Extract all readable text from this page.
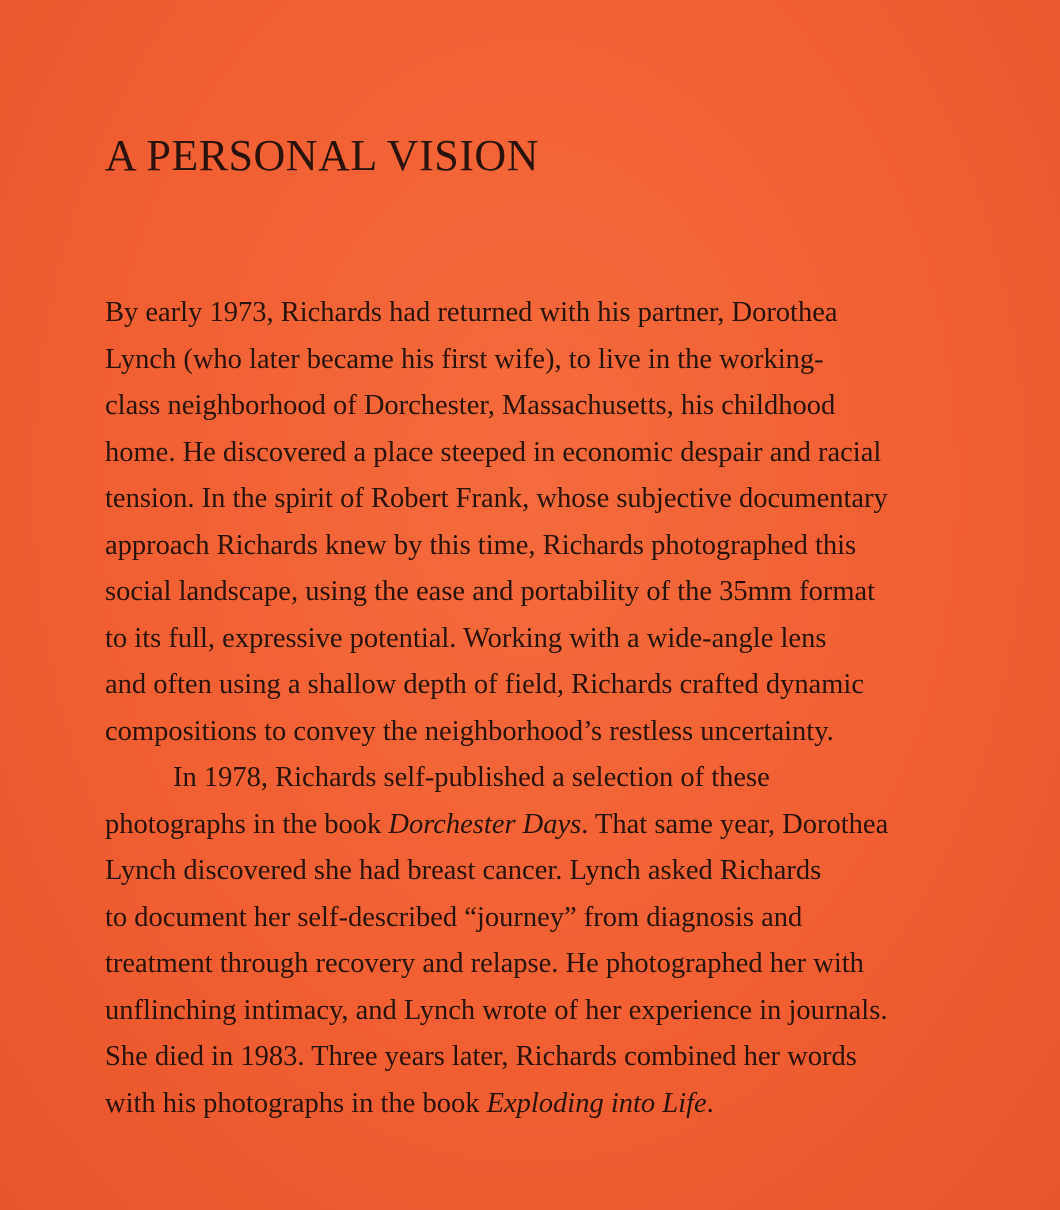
A PERSONAL VISION
By early 1973, Richards had returned with his partner, Dorothea
Lynch (who later became his first wife), to live in the working-
class neighborhood of Dorchester, Massachusetts, his childhood
home. He discovered a place steeped in economic despair and racial
tension. In the spirit of Robert Frank, whose subjective documentary
approach Richards knew by this time, Richards photographed this
social landscape, using the ease and portability of the 35mm format
to its full, expressive potential. Working with a wide-angle lens
and often using a shallow depth of field, Richards crafted dynamic
compositions to convey the neighborhood’s restless uncertainty.
In 1978, Richards self-published a selection of these
photographs in the book Dorchester Days. That same year, Dorothea
Lynch discovered she had breast cancer. Lynch asked Richards
to document her self-described “journey” from diagnosis and
treatment through recovery and relapse. He photographed her with
unflinching intimacy, and Lynch wrote of her experience in journals.
She died in 1983. Three years later, Richards combined her words
with his photographs in the book Exploding into Life.
